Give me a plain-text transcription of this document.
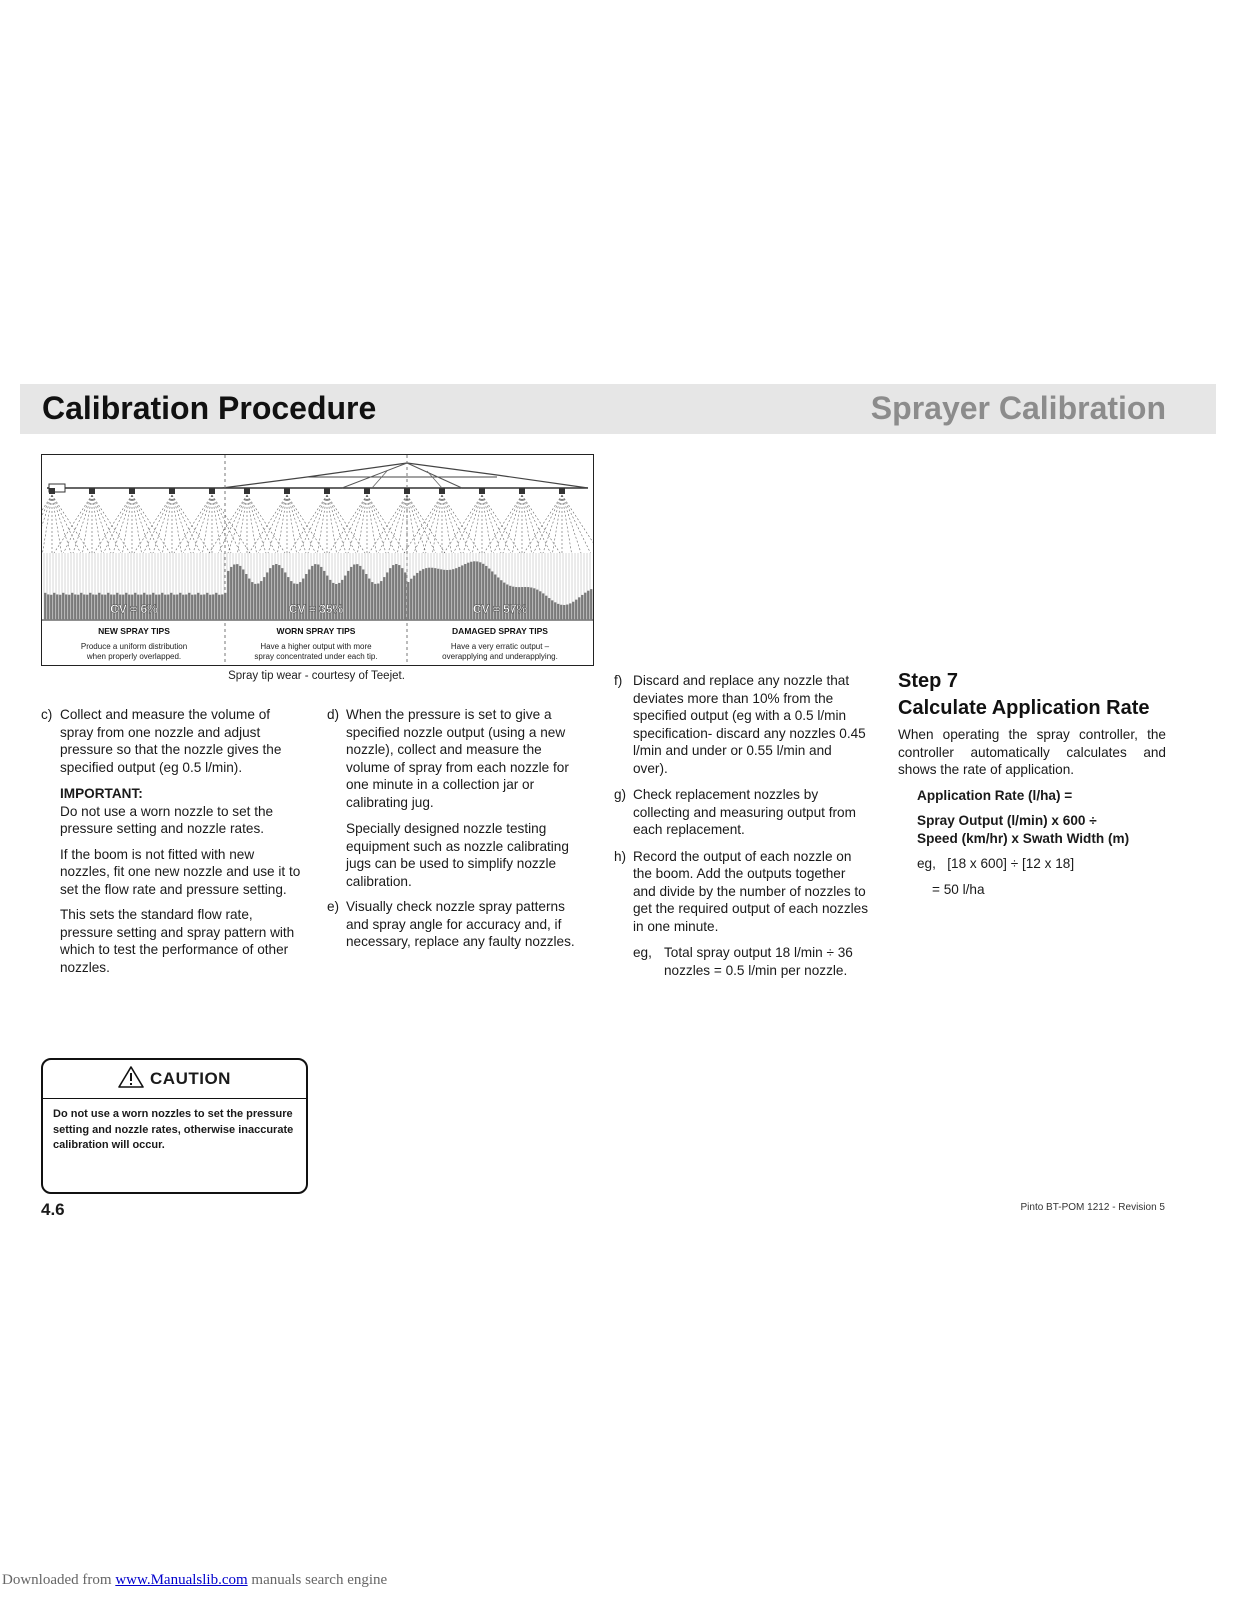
Calibration Procedure	Sprayer Calibration
CV = 6%	CV = 35%	CV = 57%
NEW SPRAY TIPS	WORN SPRAY TIPS	DAMAGED SPRAY TIPS
Produce a uniform distribution
when properly overlapped.
Have a higher output with more
spray concentrated under each tip.
Have a very erratic output –
overapplying and underapplying.
Spray tip wear - courtesy of Teejet.
c) Collect and measure the volume of spray from one nozzle and adjust pressure so that the nozzle gives the specified output (eg 0.5 l/min).
IMPORTANT:

Do not use a worn nozzle to set the pressure setting and nozzle rates.

If the boom is not fitted with new nozzles, fit one new nozzle and use it to set the flow rate and pressure setting.

This sets the standard flow rate, pressure setting and spray pattern with which to test the performance of other nozzles.

d) When the pressure is set to give a specified nozzle output (using a new nozzle), collect and measure the volume of spray from each nozzle for one minute in a collection jar or calibrating jug.

Specially designed nozzle testing equipment such as nozzle calibrating jugs can be used to simplify nozzle calibration.

e) Visually check nozzle spray patterns and spray angle for accuracy and, if necessary, replace any faulty nozzles.
f) Discard and replace any nozzle that deviates more than 10% from the specified output (eg with a 0.5 l/min specification- discard any nozzles 0.45 l/min and under or 0.55 l/min and over).
g) Check replacement nozzles by collecting and measuring output from each replacement.
h) Record the output of each nozzle on the boom. Add the outputs together and divide by the number of nozzles to get the required output of each nozzles in one minute.
eg, Total spray output 18 l/min ÷ 36 nozzles = 0.5 l/min per nozzle.
Step 7
Calculate Application Rate

When operating the spray controller, the controller automatically calculates and shows the rate of application.

Application Rate (l/ha) =

Spray Output (l/min) x 600 ÷

Speed (km/hr) x Swath Width (m)

eg, [18 x 600] ÷ [12 x 18]

= 50 l/ha

CAUTION
Do not use a worn nozzles to set the pressure setting and nozzle rates, otherwise inaccurate calibration will occur.
4.6	Pinto BT-POM 1212 - Revision 5
Downloaded from www.Manualslib.com manuals search engine
